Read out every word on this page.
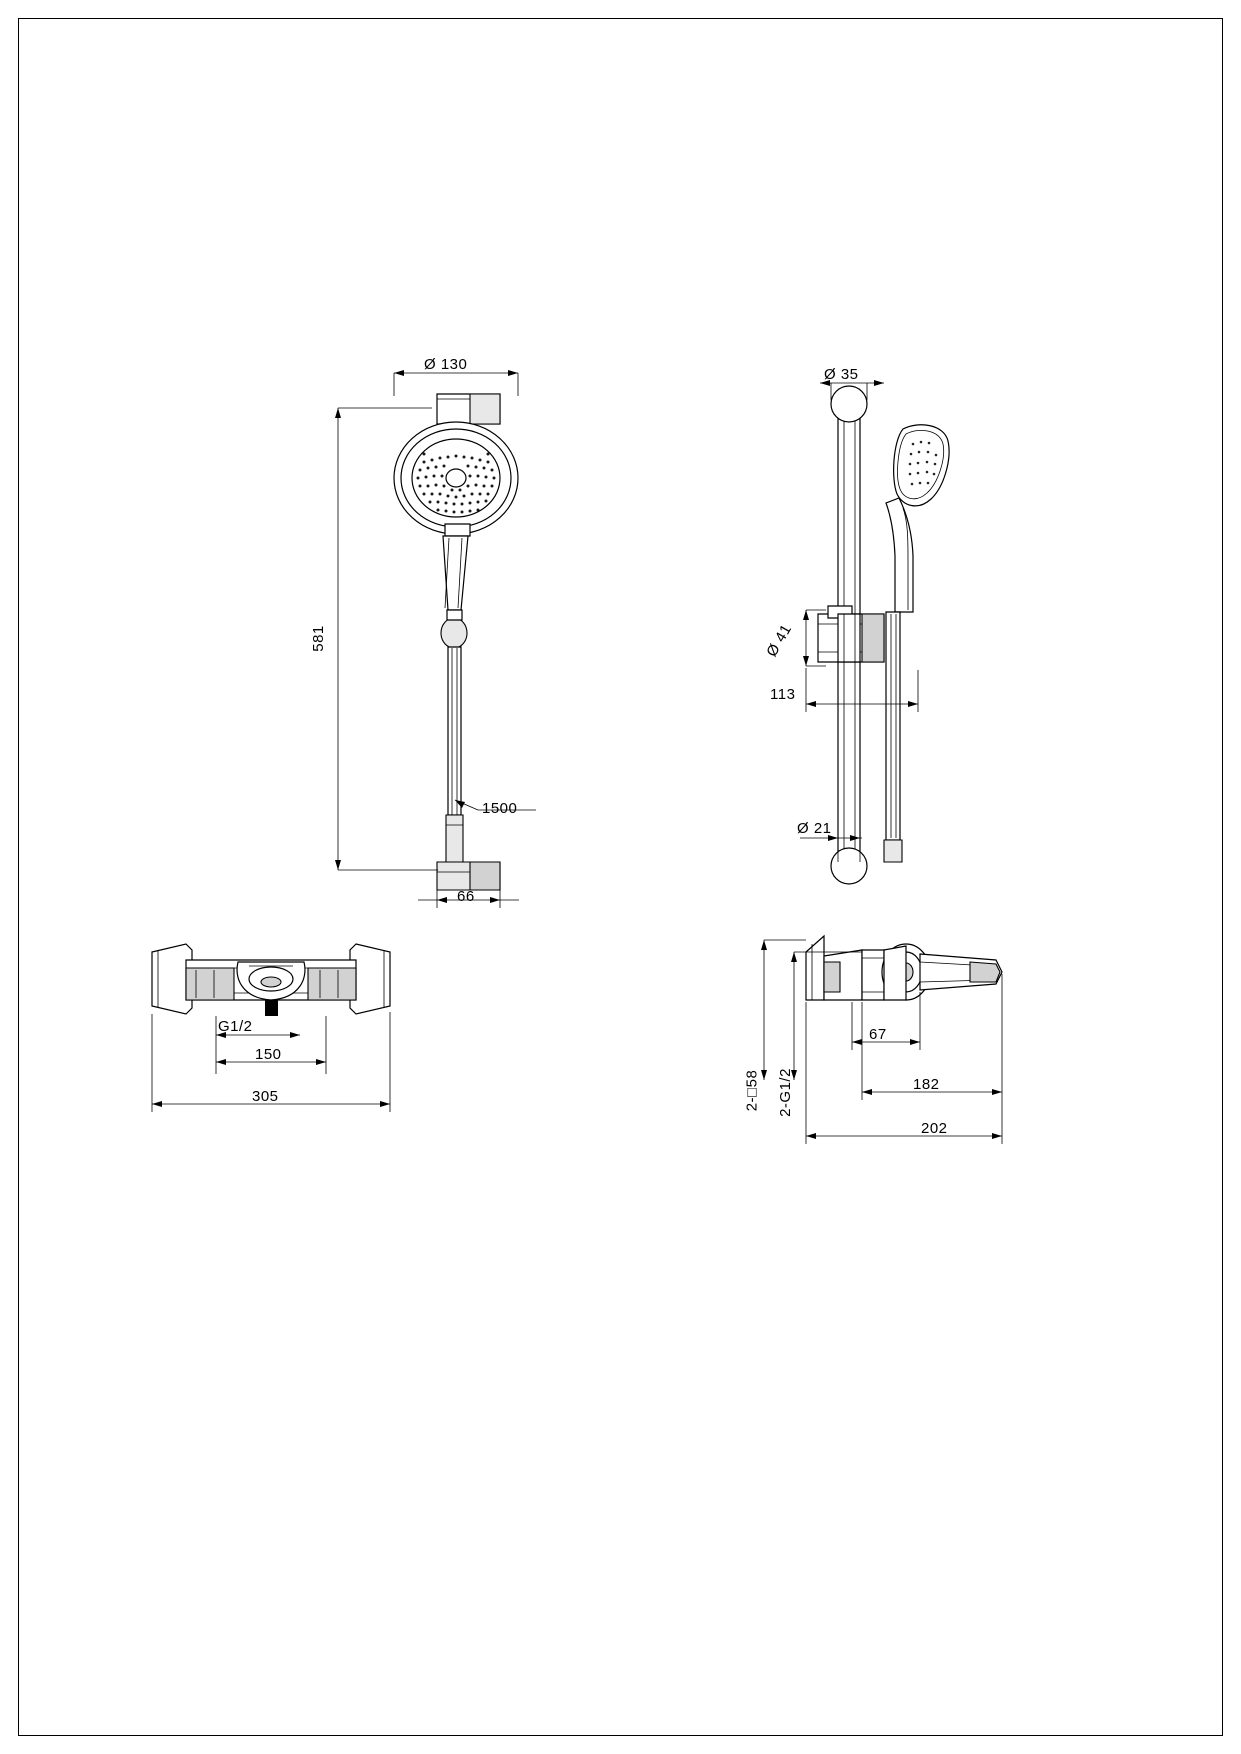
Ø 130
581
1500
66
Ø 35
Ø 41
113
Ø 21
G1/2
150
305	2-□58 2-G1/2
67
182
202
